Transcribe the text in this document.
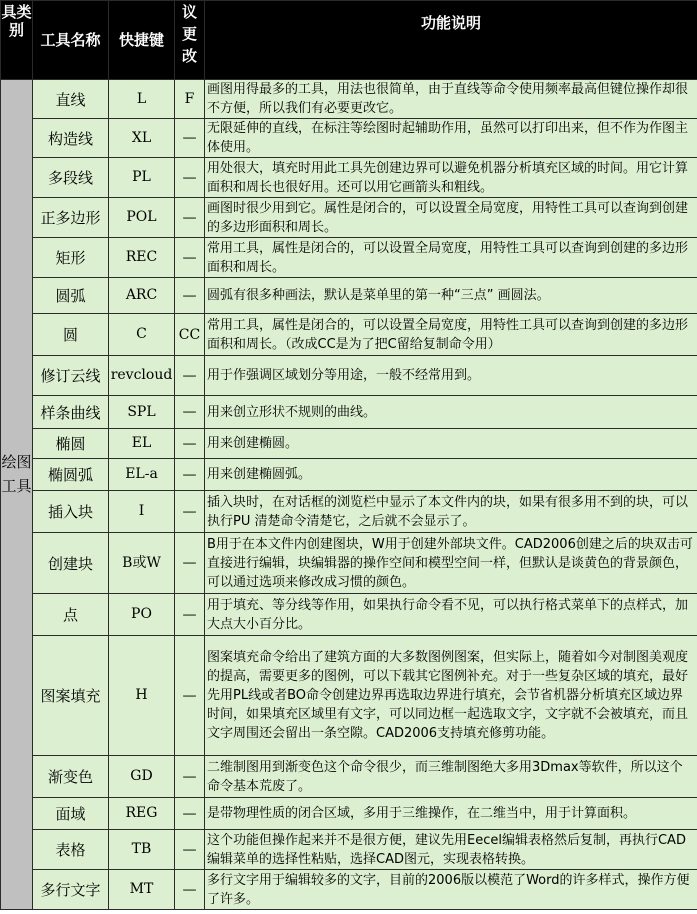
具类别	工具名称	快捷键	议更改	功能说明
绘图工具	直线	L	F	画图用得最多的工具，用法也很简单，由于直线等命令使用频率最高但键位操作却很不方便，所以我们有必要更改它。
	构造线	XL	—	无限延伸的直线，在标注等绘图时起辅助作用，虽然可以打印出来，但不作为作图主体使用。
	多段线	PL	—	用处很大，填充时用此工具先创建边界可以避免机器分析填充区域的时间。用它计算面积和周长也很好用。还可以用它画箭头和粗线。
	正多边形	POL	—	画图时很少用到它。属性是闭合的，可以设置全局宽度，用特性工具可以查询到创建的多边形面积和周长。
	矩形	REC	—	常用工具，属性是闭合的，可以设置全局宽度，用特性工具可以查询到创建的多边形面积和周长。
	圆弧	ARC	—	圆弧有很多种画法，默认是菜单里的第一种“三点” 画圆法。
	圆	C	CC	常用工具，属性是闭合的，可以设置全局宽度，用特性工具可以查询到创建的多边形面积和周长。（改成CC是为了把C留给复制命令用）
	修订云线	revcloud	—	用于作强调区域划分等用途，一般不经常用到。
	样条曲线	SPL	—	用来创立形状不规则的曲线。
	椭圆	EL	—	用来创建椭圆。
	椭圆弧	EL-a	—	用来创建椭圆弧。
	插入块	I	—	插入块时，在对话框的浏览栏中显示了本文件内的块，如果有很多用不到的块，可以执行PU 清楚命令清楚它，之后就不会显示了。
	创建块	B或W	—	B用于在本文件内创建图块，W用于创建外部块文件。CAD2006创建之后的块双击可直接进行编辑，块编辑器的操作空间和模型空间一样，但默认是谈黄色的背景颜色，可以通过选项来修改成习惯的颜色。
	点	PO	—	用于填充、等分线等作用，如果执行命令看不见，可以执行格式菜单下的点样式，加大点大小百分比。
	图案填充	H	—	图案填充命令给出了建筑方面的大多数图例图案，但实际上，随着如今对制图美观度的提高，需要更多的图例，可以下载其它图例补充。对于一些复杂区域的填充，最好先用PL线或者BO命令创建边界再选取边界进行填充，会节省机器分析填充区域边界时间，如果填充区域里有文字，可以同边框一起选取文字，文字就不会被填充，而且文字周围还会留出一条空隙。CAD2006支持填充修剪功能。
	渐变色	GD	—	二维制图用到渐变色这个命令很少，而三维制图绝大多用3Dmax等软件，所以这个命令基本荒废了。
	面域	REG	—	是带物理性质的闭合区域，多用于三维操作，在二维当中，用于计算面积。
	表格	TB	—	这个功能但操作起来并不是很方便，建议先用Eecel编辑表格然后复制，再执行CAD编辑菜单的选择性粘贴，选择CAD图元，实现表格转换。
	多行文字	MT	—	多行文字用于编辑较多的文字，目前的2006版以模范了Word的许多样式，操作方便了许多。
